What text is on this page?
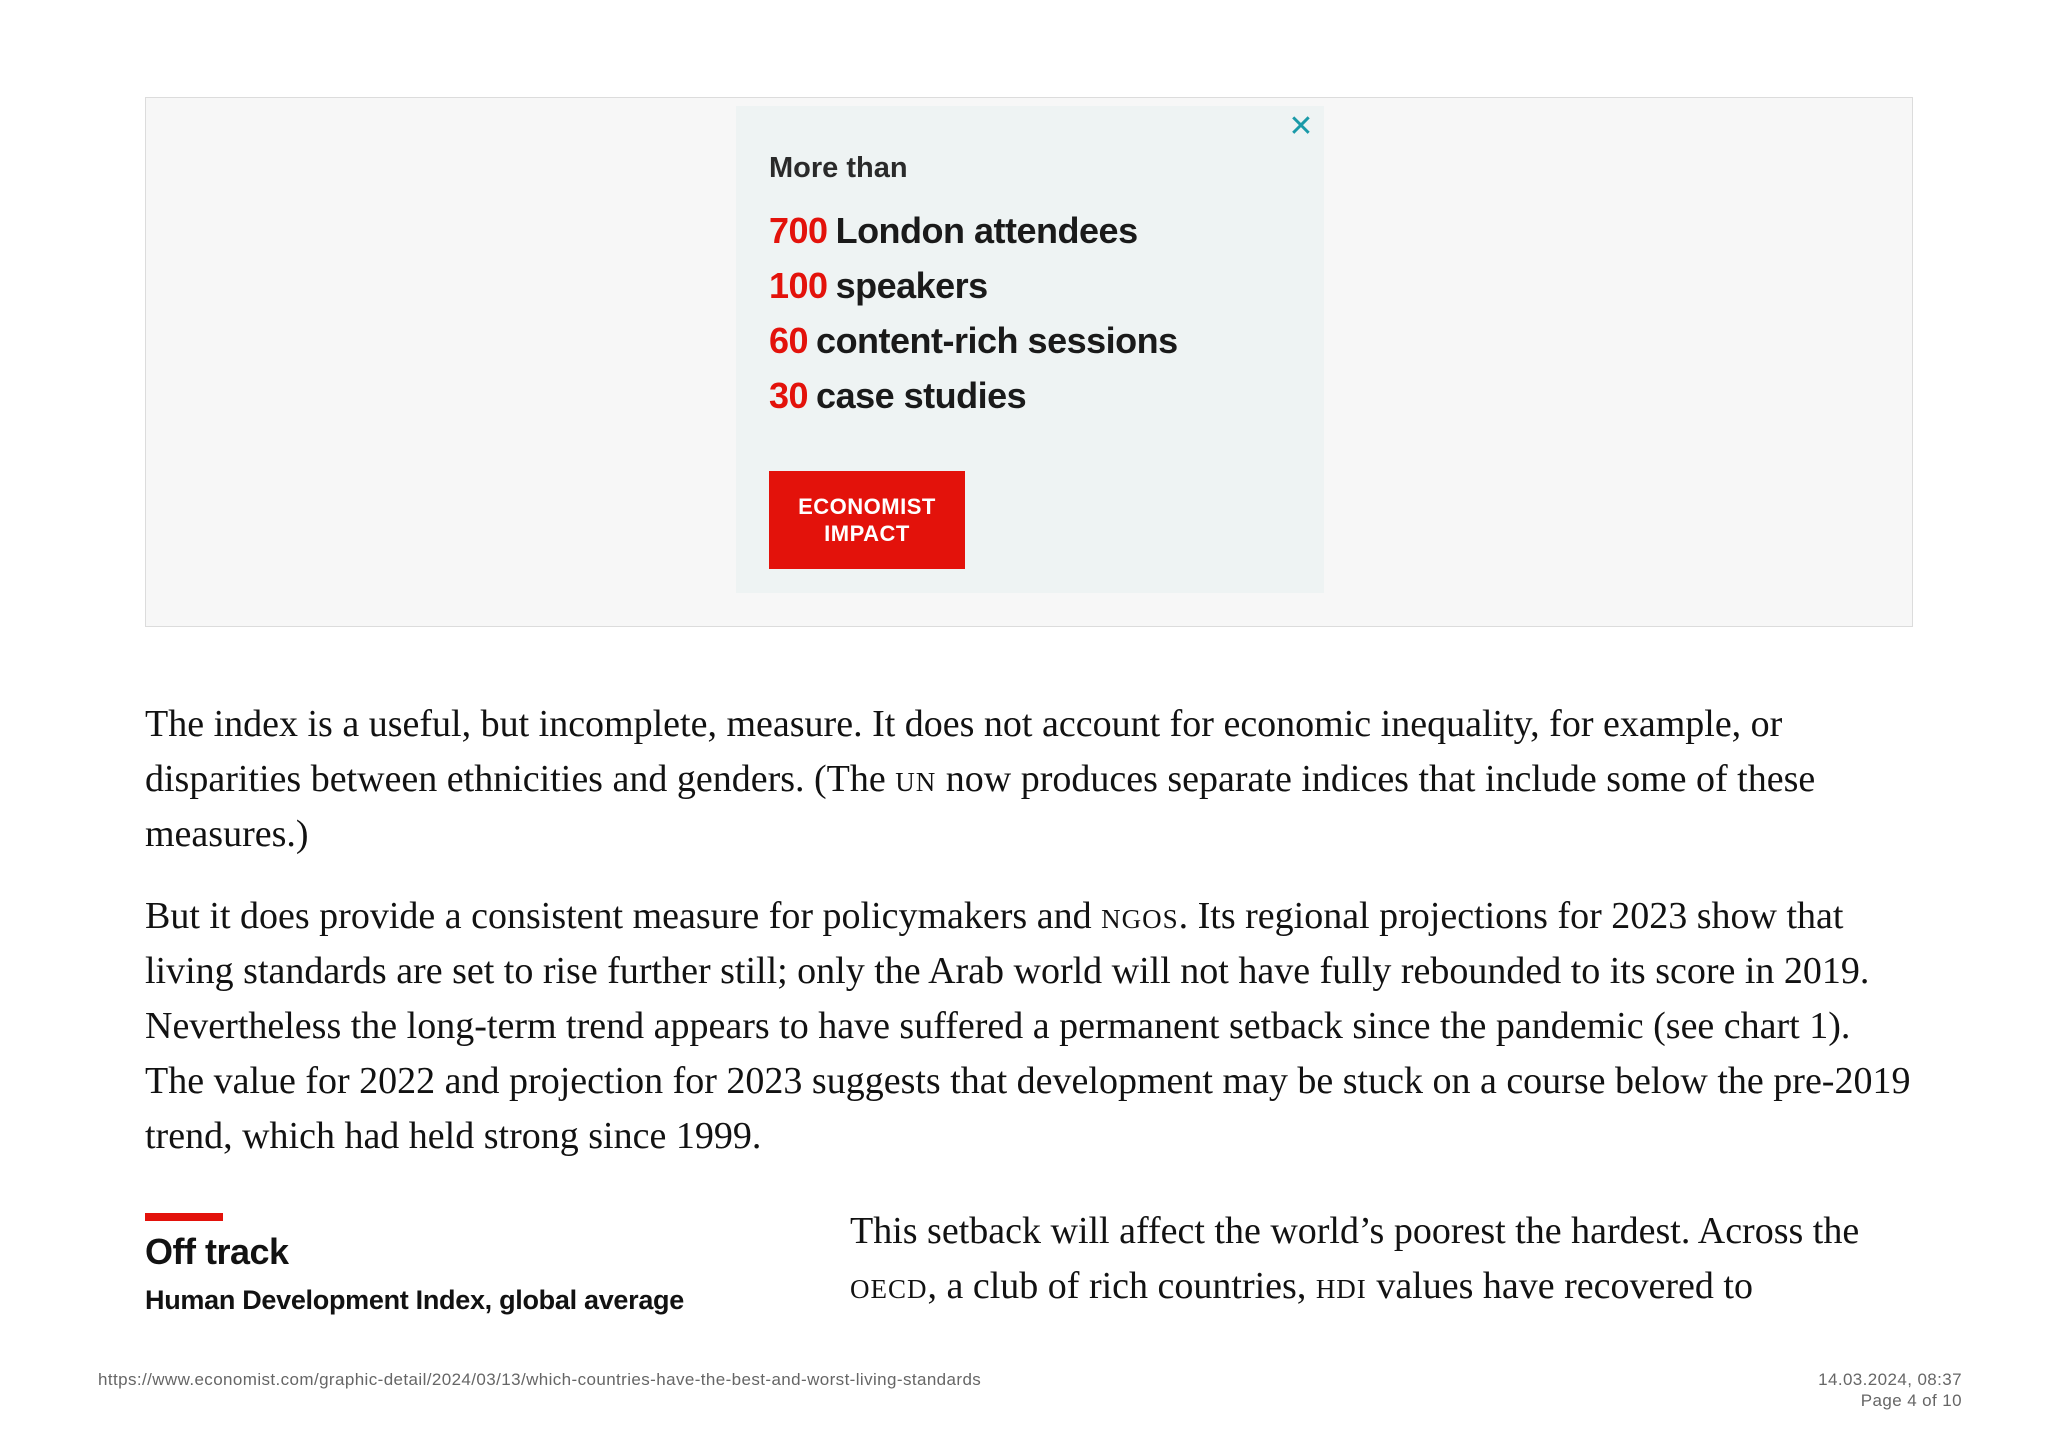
✕
More than
700 London attendees
100 speakers
60 content-rich sessions
30 case studies
ECONOMIST
IMPACT

The index is a useful, but incomplete, measure. It does not account for economic inequality, for example, or disparities between ethnicities and genders. (The un now produces separate indices that include some of these measures.)

But it does provide a consistent measure for policymakers and ngos. Its regional projections for 2023 show that living standards are set to rise further still; only the Arab world will not have fully rebounded to its score in 2019. Nevertheless the long-term trend appears to have suffered a permanent setback since the pandemic (see chart 1). The value for 2022 and projection for 2023 suggests that development may be stuck on a course below the pre-2019 trend, which had held strong since 1999.

Off track
Human Development Index, global average

This setback will affect the world’s poorest the hardest. Across the oecd, a club of rich countries, hdi values have recovered to

https://www.economist.com/graphic-detail/2024/03/13/which-countries-have-the-best-and-worst-living-standards	14.03.2024, 08:37
Page 4 of 10
